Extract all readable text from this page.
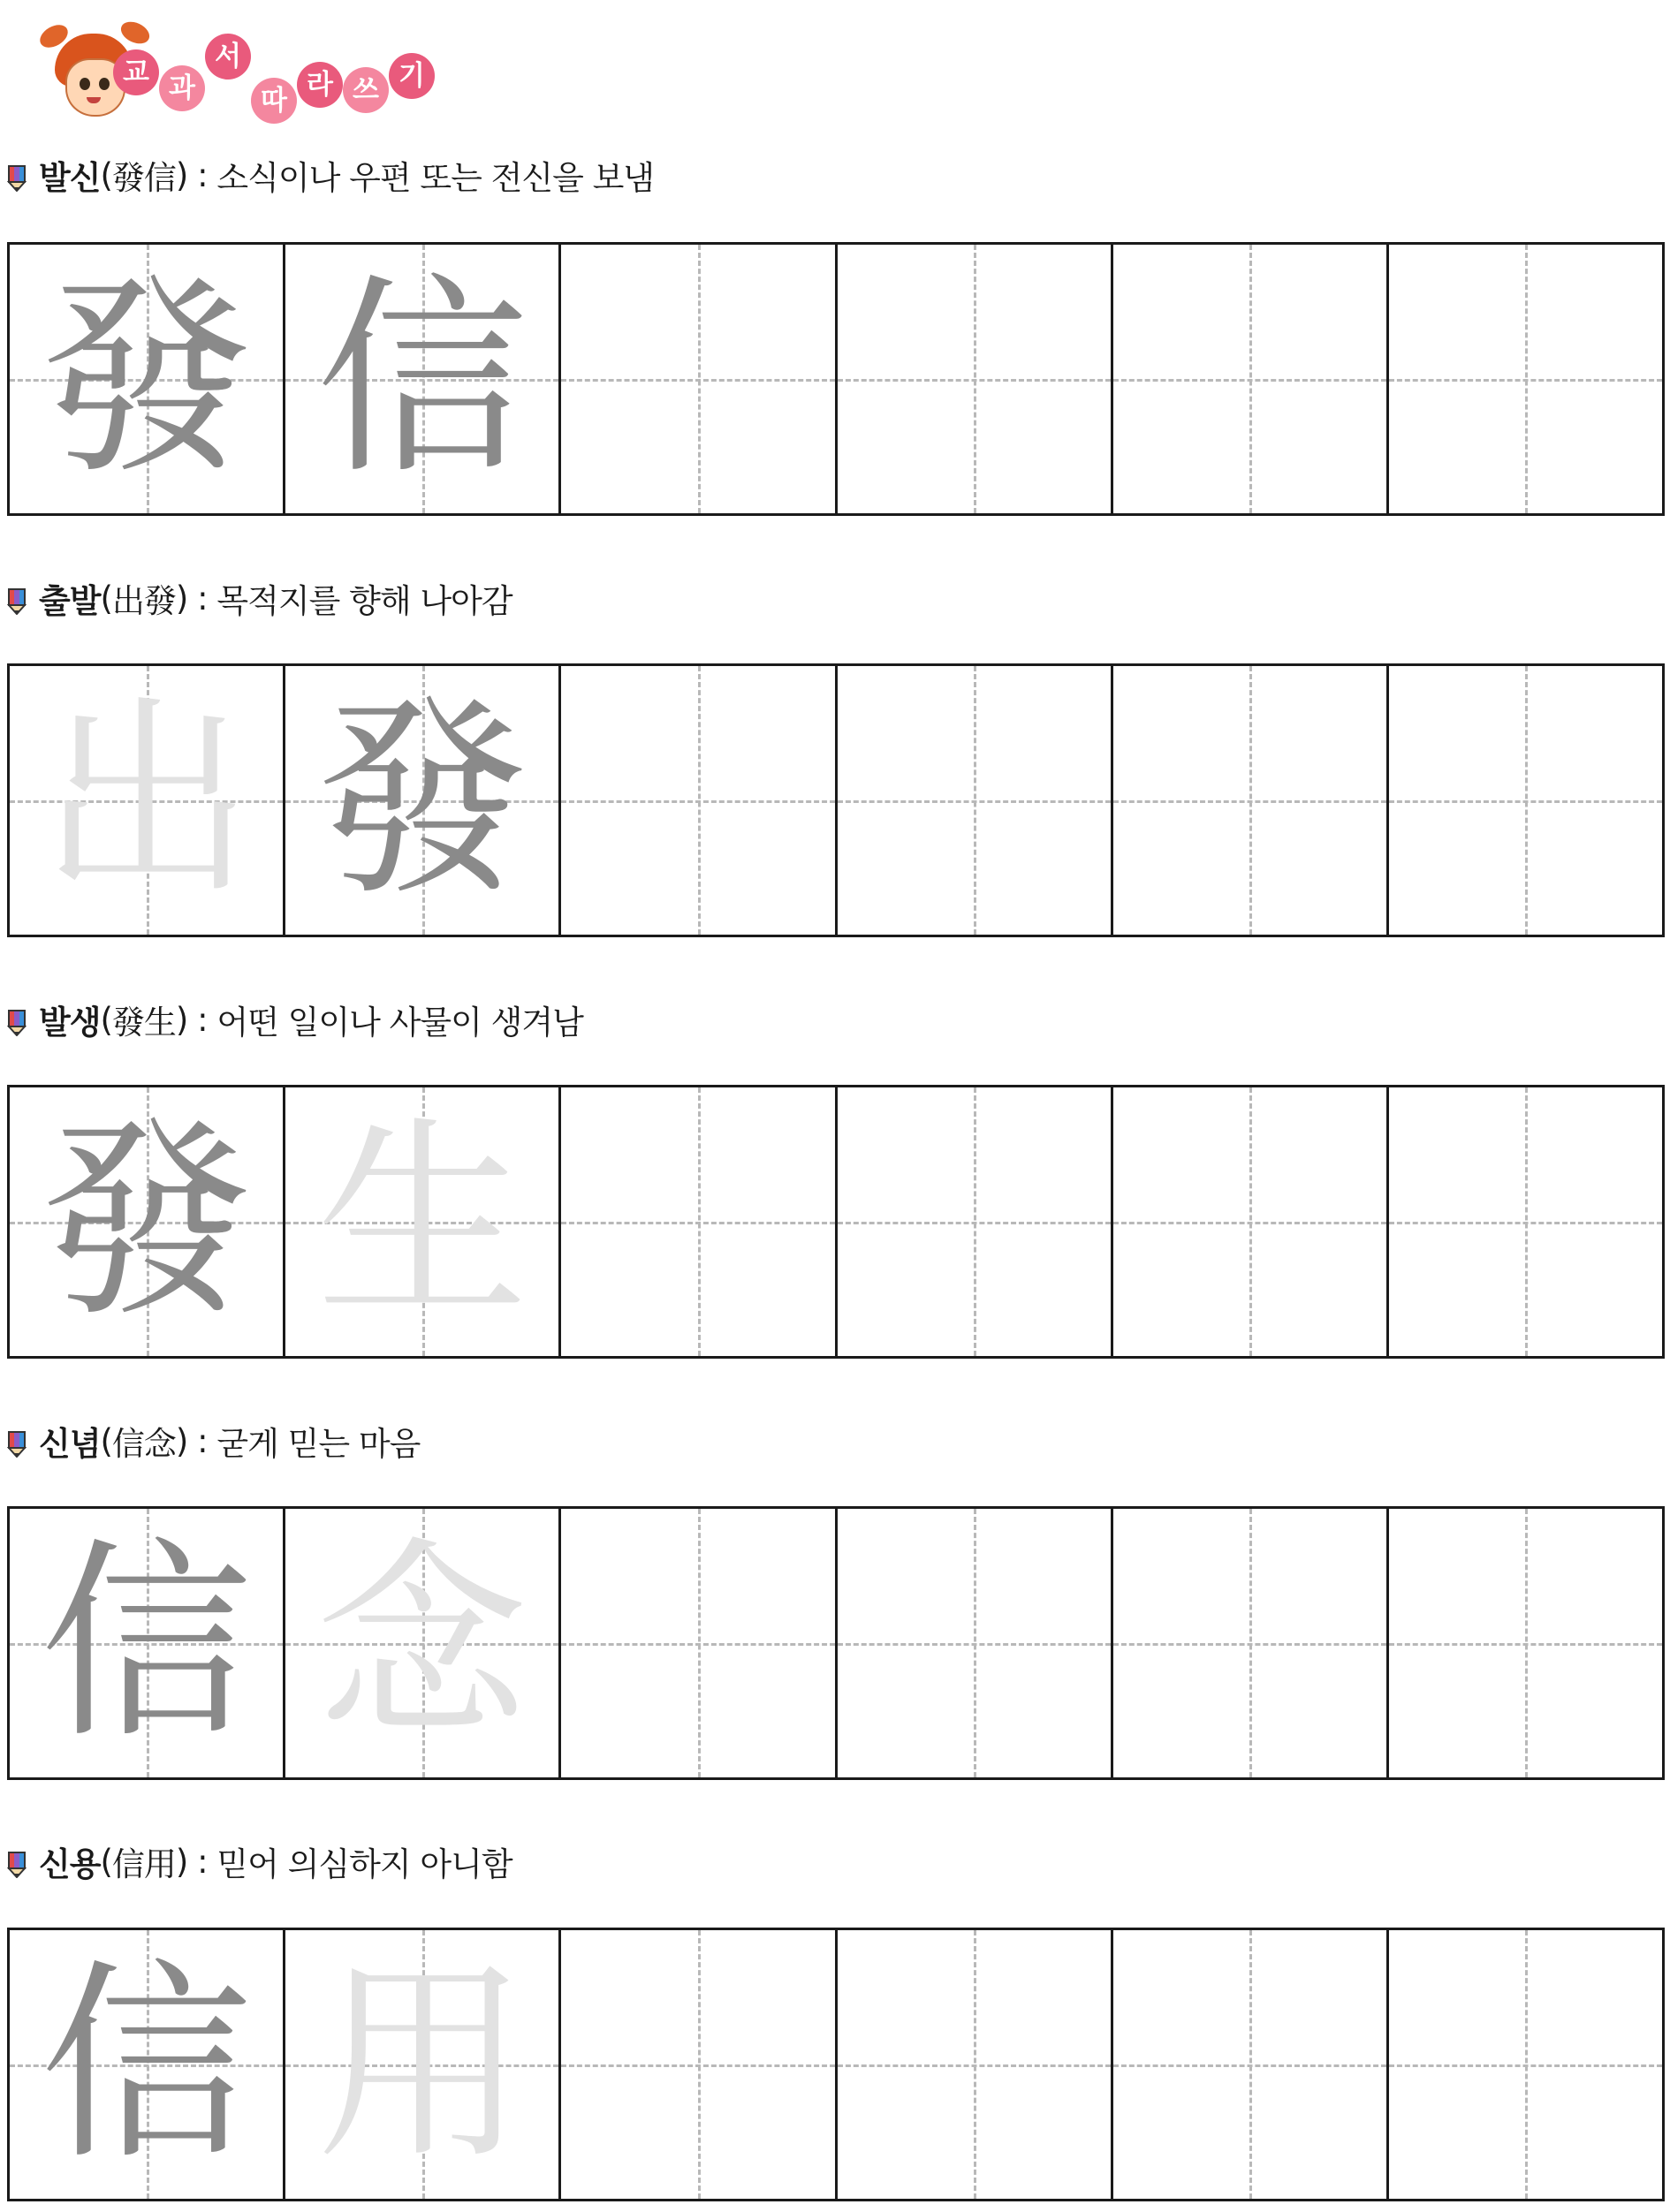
교 과
서
따 라 쓰 기
발신 ( 發信 ) : 소식이나 우편 또는 전신을 보냄
發 信
출발 ( 出發 ) : 목적지를 향해 나아감
出 發
발생 ( 發生 ) : 어떤 일이나 사물이 생겨남
發 生
신념 ( 信念 ) : 굳게 믿는 마음
信 念
신용 ( 信用 ) : 믿어 의심하지 아니함
信 用
